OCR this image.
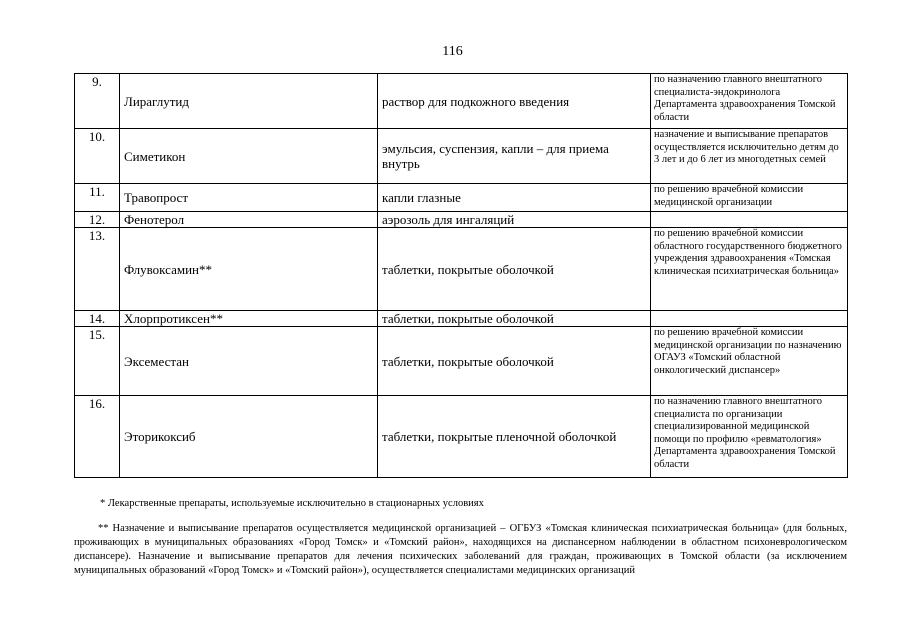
116
9.	Лираглутид	раствор для подкожного введения	по назначению главного внештатного специалиста-эндокринолога Департамента здравоохранения Томской области
10.	Симетикон	эмульсия, суспензия, капли – для приема внутрь	назначение и выписывание препаратов осуществляется исключительно детям до 3 лет и до 6 лет из многодетных семей
11.	Травопрост	капли глазные	по решению врачебной комиссии медицинской организации
12.	Фенотерол	аэрозоль для ингаляций	
13.	Флувоксамин**	таблетки, покрытые оболочкой	по решению врачебной комиссии областного государственного бюджетного учреждения здравоохранения «Томская клиническая психиатрическая больница»
14.	Хлорпротиксен**	таблетки, покрытые оболочкой	
15.	Эксеместан	таблетки, покрытые оболочкой	по решению врачебной комиссии медицинской организации по назначению ОГАУЗ «Томский областной онкологический диспансер»
16.	Эторикоксиб	таблетки, покрытые пленочной оболочкой	по назначению главного внештатного специалиста по организации специализированной медицинской помощи по профилю «ревматология» Департамента здравоохранения Томской области
* Лекарственные препараты, используемые исключительно в стационарных условиях
** Назначение и выписывание препаратов осуществляется медицинской организацией – ОГБУЗ «Томская клиническая психиатрическая больница» (для больных, проживающих в муниципальных образованиях «Город Томск» и «Томский район», находящихся на диспансерном наблюдении в областном психоневрологическом диспансере). Назначение и выписывание препаратов для лечения психических заболеваний для граждан, проживающих в Томской области (за исключением муниципальных образований «Город Томск» и «Томский район»), осуществляется специалистами медицинских организаций
